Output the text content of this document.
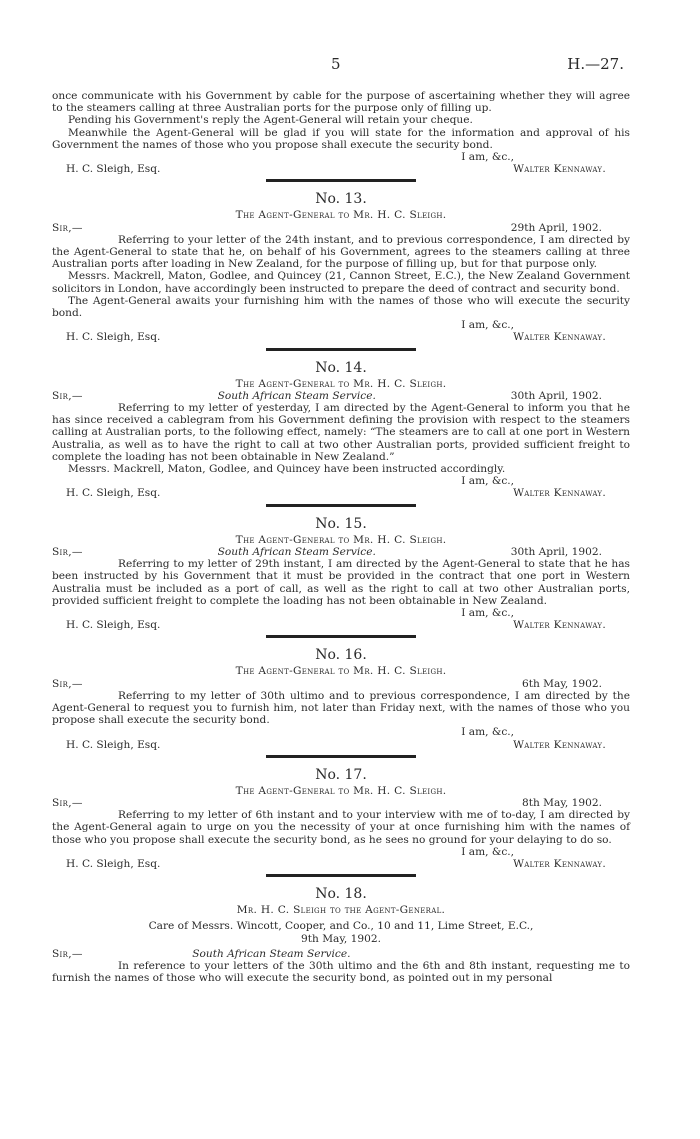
5	H.—27.

once communicate with his Government by cable for the purpose of ascertaining whether they will agree to the steamers calling at three Australian ports for the purpose only of filling up.

Pending his Government's reply the Agent-General will retain your cheque.

Meanwhile the Agent-General will be glad if you will state for the information and approval of his Government the names of those who you propose shall execute the security bond.

I am, &c.,

H. C. Sleigh, Esq.	Walter Kennaway.

No. 13.

The Agent-General to Mr. H. C. Sleigh.

Sir,—	29th April, 1902.

Referring to your letter of the 24th instant, and to previous correspondence, I am directed by the Agent-General to state that he, on behalf of his Government, agrees to the steamers calling at three Australian ports after loading in New Zealand, for the purpose of filling up, but for that purpose only.

Messrs. Mackrell, Maton, Godlee, and Quincey (21, Cannon Street, E.C.), the New Zealand Government solicitors in London, have accordingly been instructed to prepare the deed of contract and security bond.

The Agent-General awaits your furnishing him with the names of those who will execute the security bond.

I am, &c.,

H. C. Sleigh, Esq.	Walter Kennaway.

No. 14.

The Agent-General to Mr. H. C. Sleigh.

Sir,—	South African Steam Service.	30th April, 1902.

Referring to my letter of yesterday, I am directed by the Agent-General to inform you that he has since received a cablegram from his Government defining the provision with respect to the steamers calling at Australian ports, to the following effect, namely: “The steamers are to call at one port in Western Australia, as well as to have the right to call at two other Australian ports, provided sufficient freight to complete the loading has not been obtainable in New Zealand.”

Messrs. Mackrell, Maton, Godlee, and Quincey have been instructed accordingly.

I am, &c.,

H. C. Sleigh, Esq.	Walter Kennaway.

No. 15.

The Agent-General to Mr. H. C. Sleigh.

Sir,—	South African Steam Service.	30th April, 1902.

Referring to my letter of 29th instant, I am directed by the Agent-General to state that he has been instructed by his Government that it must be provided in the contract that one port in Western Australia must be included as a port of call, as well as the right to call at two other Australian ports, provided sufficient freight to complete the loading has not been obtainable in New Zealand.

I am, &c.,

H. C. Sleigh, Esq.	Walter Kennaway.

No. 16.

The Agent-General to Mr. H. C. Sleigh.

Sir,—	6th May, 1902.

Referring to my letter of 30th ultimo and to previous correspondence, I am directed by the Agent-General to request you to furnish him, not later than Friday next, with the names of those who you propose shall execute the security bond.

I am, &c.,

H. C. Sleigh, Esq.	Walter Kennaway.

No. 17.

The Agent-General to Mr. H. C. Sleigh.

Sir,—	8th May, 1902.

Referring to my letter of 6th instant and to your interview with me of to-day, I am directed by the Agent-General again to urge on you the necessity of your at once furnishing him with the names of those who you propose shall execute the security bond, as he sees no ground for your delaying to do so.

I am, &c.,

H. C. Sleigh, Esq.	Walter Kennaway.

No. 18.

Mr. H. C. Sleigh to the Agent-General.

Care of Messrs. Wincott, Cooper, and Co., 10 and 11, Lime Street, E.C.,

9th May, 1902.

Sir,—	South African Steam Service.

In reference to your letters of the 30th ultimo and the 6th and 8th instant, requesting me to furnish the names of those who will execute the security bond, as pointed out in my personal
